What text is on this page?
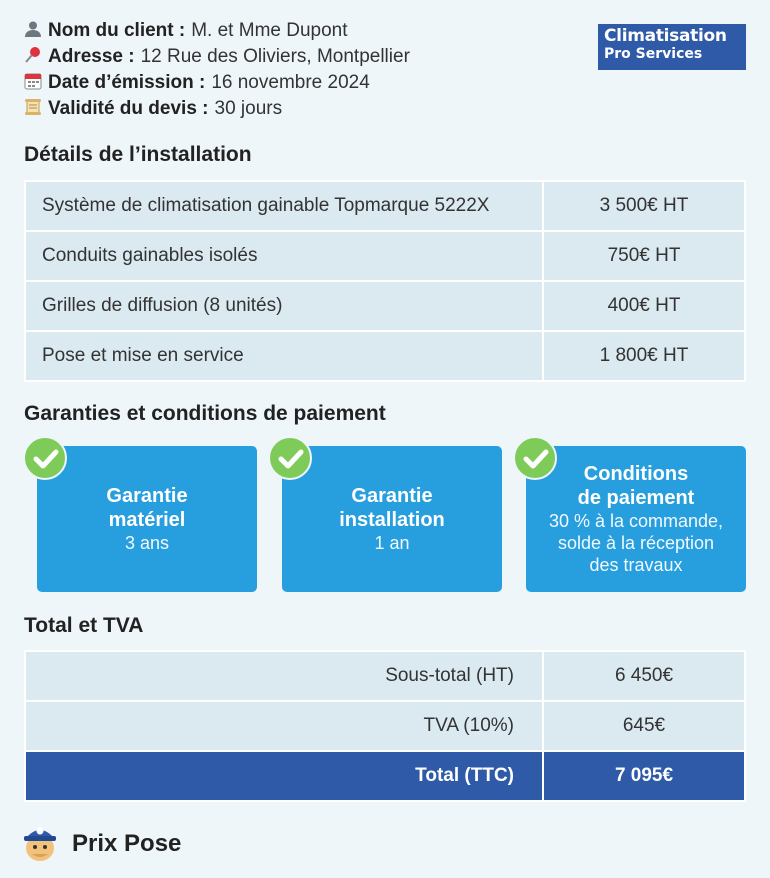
Nom du client : M. et Mme Dupont
Adresse : 12 Rue des Oliviers, Montpellier
Date d’émission : 16 novembre 2024
Validité du devis : 30 jours
Climatisation
Pro Services
Détails de l’installation
Système de climatisation gainable Topmarque 5222X	3 500€ HT
Conduits gainables isolés	750€ HT
Grilles de diffusion (8 unités)	400€ HT
Pose et mise en service	1 800€ HT
Garanties et conditions de paiement
Garantie
matériel
3 ans
Garantie
installation
1 an
Conditions
de paiement
30 % à la commande,
solde à la réception
des travaux
Total et TVA
Sous-total (HT)	6 450€
TVA (10%)	645€
Total (TTC)	7 095€
Prix Pose
